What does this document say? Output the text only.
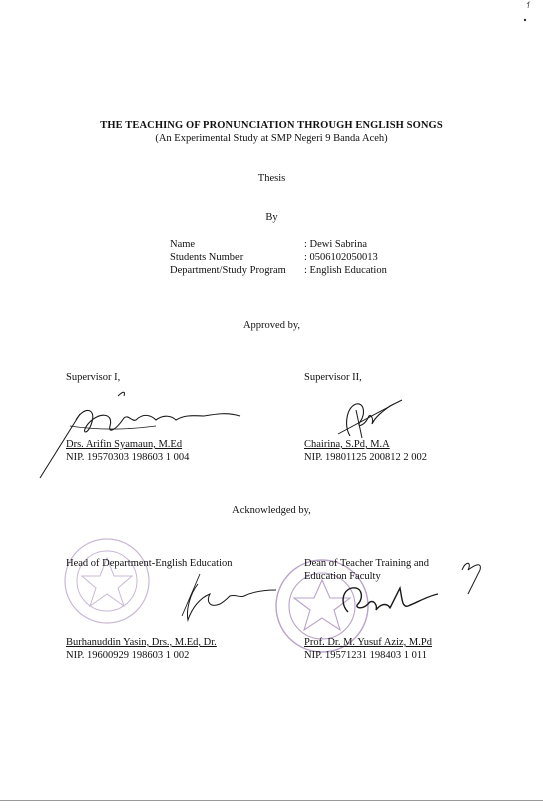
THE TEACHING OF PRONUNCIATION THROUGH ENGLISH SONGS
(An Experimental Study at SMP Negeri 9 Banda Aceh)
Thesis
By
Name
Students Number
Department/Study Program
: Dewi Sabrina
: 0506102050013
: English Education
Approved by,
Supervisor I,	Supervisor II,
Drs. Arifin Syamaun, M.Ed
NIP. 19570303 198603 1 004
Chairina, S.Pd, M.A
NIP. 19801125 200812 2 002
Acknowledged by,
Head of Department-English Education	Dean of Teacher Training and
Education Faculty
Burhanuddin Yasin, Drs., M.Ed, Dr.
NIP. 19600929 198603 1 002
Prof. Dr. M. Yusuf Aziz, M.Pd
NIP. 19571231 198403 1 011
